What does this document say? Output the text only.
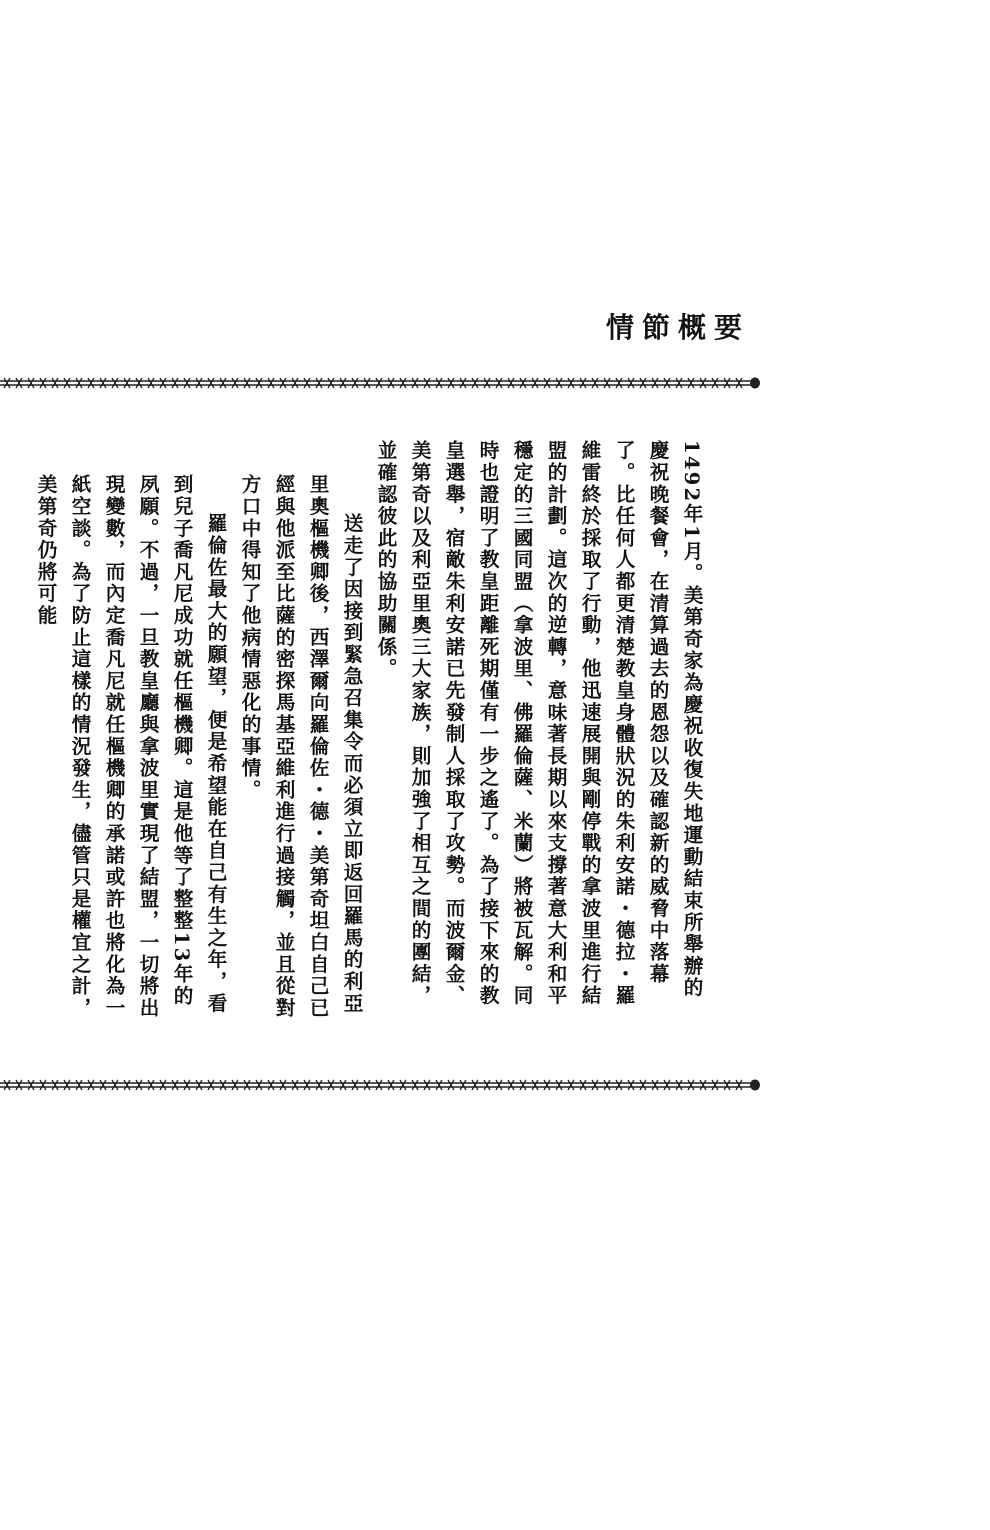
情節概要

1492年1月。美第奇家為慶祝收復失地運動結束所舉辦的慶祝晚餐會，在清算過去的恩怨以及確認新的威脅中落幕了。比任何人都更清楚教皇身體狀況的朱利安諾・德拉・羅維雷終於採取了行動，他迅速展開與剛停戰的拿波里進行結盟的計劃。這次的逆轉，意味著長期以來支撐著意大利和平穩定的三國同盟（拿波里、佛羅倫薩、米蘭）將被瓦解。同時也證明了教皇距離死期僅有一步之遙了。為了接下來的教皇選舉，宿敵朱利安諾已先發制人採取了攻勢。而波爾金、美第奇以及利亞里奧三大家族，則加強了相互之間的團結，並確認彼此的協助關係。

送走了因接到緊急召集令而必須立即返回羅馬的利亞里奧樞機卿後，西澤爾向羅倫佐・德・美第奇坦白自己已經與他派至比薩的密探馬基亞維利進行過接觸，並且從對方口中得知了他病情惡化的事情。

羅倫佐最大的願望，便是希望能在自己有生之年，看到兒子喬凡尼成功就任樞機卿。這是他等了整整13年的夙願。不過，一旦教皇廳與拿波里實現了結盟，一切將出現變數，而內定喬凡尼就任樞機卿的承諾或許也將化為一紙空談。為了防止這樣的情況發生，儘管只是權宜之計，美第奇仍將可能
